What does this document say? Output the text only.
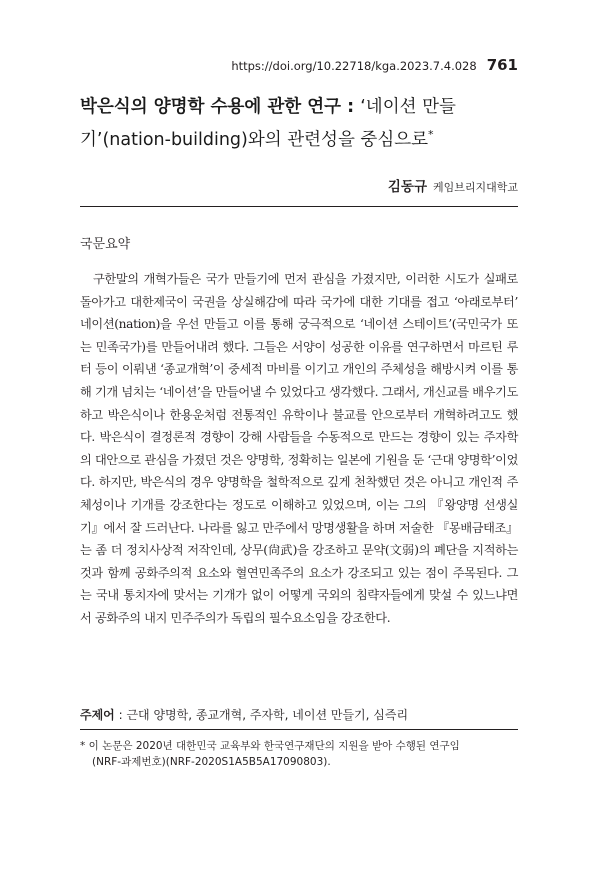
https://doi.org/10.22718/kga.2023.7.4.028 761
박은식의 양명학 수용에 관한 연구 : ‘네이션 만들기’(nation-building)와의 관련성을 중심으로*
김동규 케임브리지대학교
국문요약

구한말의 개혁가들은 국가 만들기에 먼저 관심을 가졌지만, 이러한 시도가 실패로 돌아가고 대한제국이 국권을 상실해감에 따라 국가에 대한 기대를 접고 ‘아래로부터’ 네이션(nation)을 우선 만들고 이를 통해 궁극적으로 ‘네이션 스테이트’(국민국가 또는 민족국가)를 만들어내려 했다. 그들은 서양이 성공한 이유를 연구하면서 마르틴 루터 등이 이뤄낸 ‘종교개혁’이 중세적 마비를 이기고 개인의 주체성을 해방시켜 이를 통해 기개 넘치는 ‘네이션’을 만들어낼 수 있었다고 생각했다. 그래서, 개신교를 배우기도 하고 박은식이나 한용운처럼 전통적인 유학이나 불교를 안으로부터 개혁하려고도 했다. 박은식이 결정론적 경향이 강해 사람들을 수동적으로 만드는 경향이 있는 주자학의 대안으로 관심을 가졌던 것은 양명학, 정확히는 일본에 기원을 둔 ‘근대 양명학’이었다. 하지만, 박은식의 경우 양명학을 철학적으로 깊게 천착했던 것은 아니고 개인적 주체성이나 기개를 강조한다는 정도로 이해하고 있었으며, 이는 그의 『왕양명 선생실기』에서 잘 드러난다. 나라를 잃고 만주에서 망명생활을 하며 저술한 『몽배금태조』는 좀 더 정치사상적 저작인데, 상무(尙武)을 강조하고 문약(文弱)의 폐단을 지적하는 것과 함께 공화주의적 요소와 혈연민족주의 요소가 강조되고 있는 점이 주목된다. 그는 국내 통치자에 맞서는 기개가 없이 어떻게 국외의 침략자들에게 맞설 수 있느냐면서 공화주의 내지 민주주의가 독립의 필수요소임을 강조한다.

주제어 : 근대 양명학, 종교개혁, 주자학, 네이션 만들기, 심즉리
* 이 논문은 2020년 대한민국 교육부와 한국연구재단의 지원을 받아 수행된 연구임
(NRF-과제번호)(NRF-2020S1A5B5A17090803).
